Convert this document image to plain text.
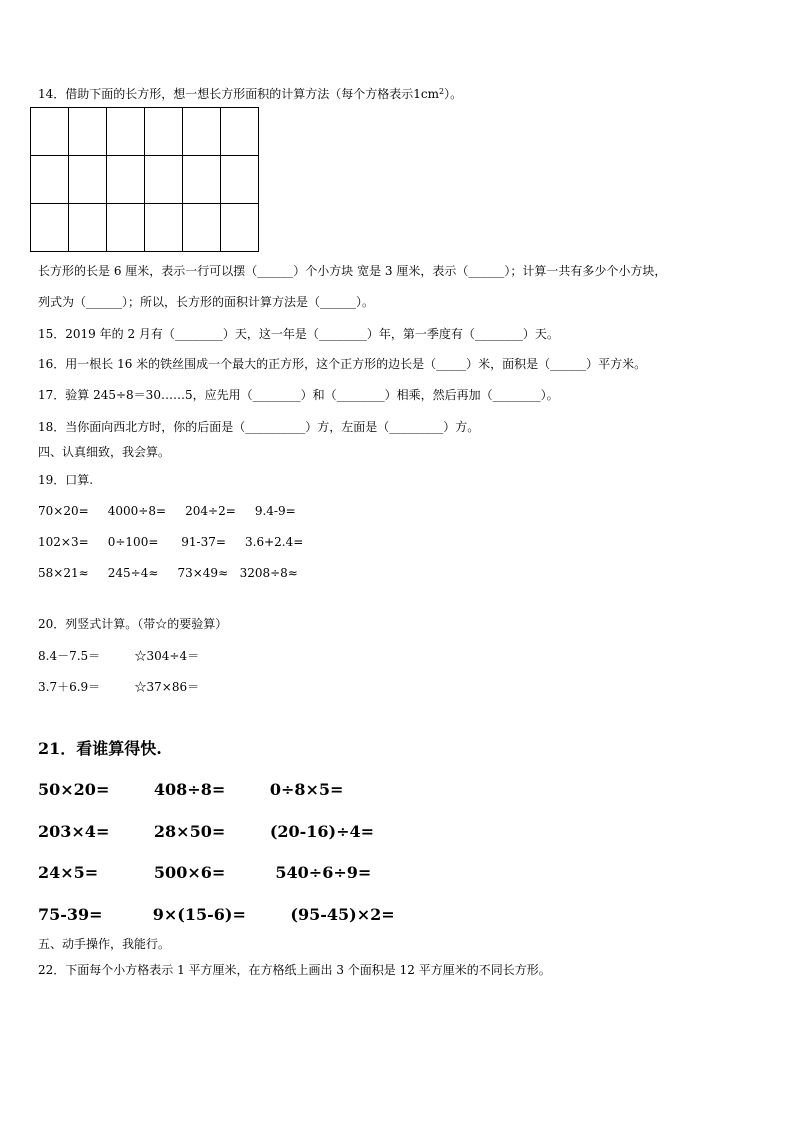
14．借助下面的长方形，想一想长方形面积的计算方法（每个方格表示$1cm^2$）。

长方形的长是 6 厘米，表示一行可以摆（______）个小方块 宽是 3 厘米，表示（______）；计算一共有多少个小方块，
列式为（______）；所以，长方形的面积计算方法是（______）。
15．2019 年的 2 月有（________）天，这一年是（________）年，第一季度有（________）天。
16．用一根长 16 米的铁丝围成一个最大的正方形，这个正方形的边长是（_____）米，面积是（______）平方米。
17．验算 245÷8＝30……5，应先用（________）和（________）相乘，然后再加（________）。
18．当你面向西北方时，你的后面是（__________）方，左面是（_________）方。
四、认真细致，我会算。
19．口算.
70×20= 4000÷8= 204÷2= 9.4-9=
102×3= 0÷100= 91-37= 3.6+2.4=
58×21≈ 245÷4≈ 73×49≈ 3208÷8≈
20．列竖式计算。（带☆的要验算）
8.4－7.5＝	☆304÷4＝
3.7＋6.9＝	☆37×86＝
21．看谁算得快.
50×20=	408÷8=	0÷8×5=
203×4=	28×50=	(20-16)÷4=
24×5=	500×6=	540÷6÷9=
75-39=	9×(15-6)=	(95-45)×2=
五、动手操作，我能行。
22．下面每个小方格表示 1 平方厘米，在方格纸上画出 3 个面积是 12 平方厘米的不同长方形。
